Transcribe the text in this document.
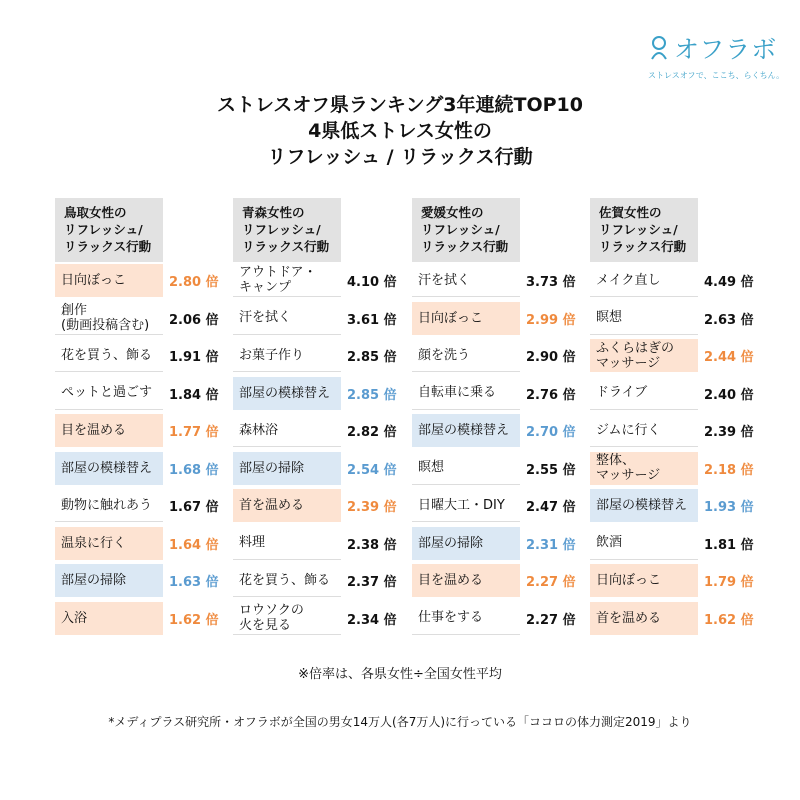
オフラボ
ストレスオフで、ここち、らくちん。
ストレスオフ県ランキング3年連続TOP10
4県低ストレス女性の
リフレッシュ / リラックス行動
鳥取女性の
リフレッシュ/
リラックス行動
日向ぼっこ	2.80 倍
創作
(動画投稿含む)	2.06 倍
花を買う、飾る	1.91 倍
ペットと過ごす	1.84 倍
目を温める	1.77 倍
部屋の模様替え	1.68 倍
動物に触れあう	1.67 倍
温泉に行く	1.64 倍
部屋の掃除	1.63 倍
入浴	1.62 倍
青森女性の
リフレッシュ/
リラックス行動
アウトドア・
キャンプ	4.10 倍
汗を拭く	3.61 倍
お菓子作り	2.85 倍
部屋の模様替え	2.85 倍
森林浴	2.82 倍
部屋の掃除	2.54 倍
首を温める	2.39 倍
料理	2.38 倍
花を買う、飾る	2.37 倍
ロウソクの
火を見る	2.34 倍
愛媛女性の
リフレッシュ/
リラックス行動
汗を拭く	3.73 倍
日向ぼっこ	2.99 倍
顔を洗う	2.90 倍
自転車に乗る	2.76 倍
部屋の模様替え	2.70 倍
瞑想	2.55 倍
日曜大工・DIY	2.47 倍
部屋の掃除	2.31 倍
目を温める	2.27 倍
仕事をする	2.27 倍
佐賀女性の
リフレッシュ/
リラックス行動
メイク直し	4.49 倍
瞑想	2.63 倍
ふくらはぎの
マッサージ	2.44 倍
ドライブ	2.40 倍
ジムに行く	2.39 倍
整体、
マッサージ	2.18 倍
部屋の模様替え	1.93 倍
飲酒	1.81 倍
日向ぼっこ	1.79 倍
首を温める	1.62 倍
※倍率は、各県女性÷全国女性平均
*メディプラス研究所・オフラボが全国の男女14万人(各7万人)に行っている「ココロの体力測定2019」より
